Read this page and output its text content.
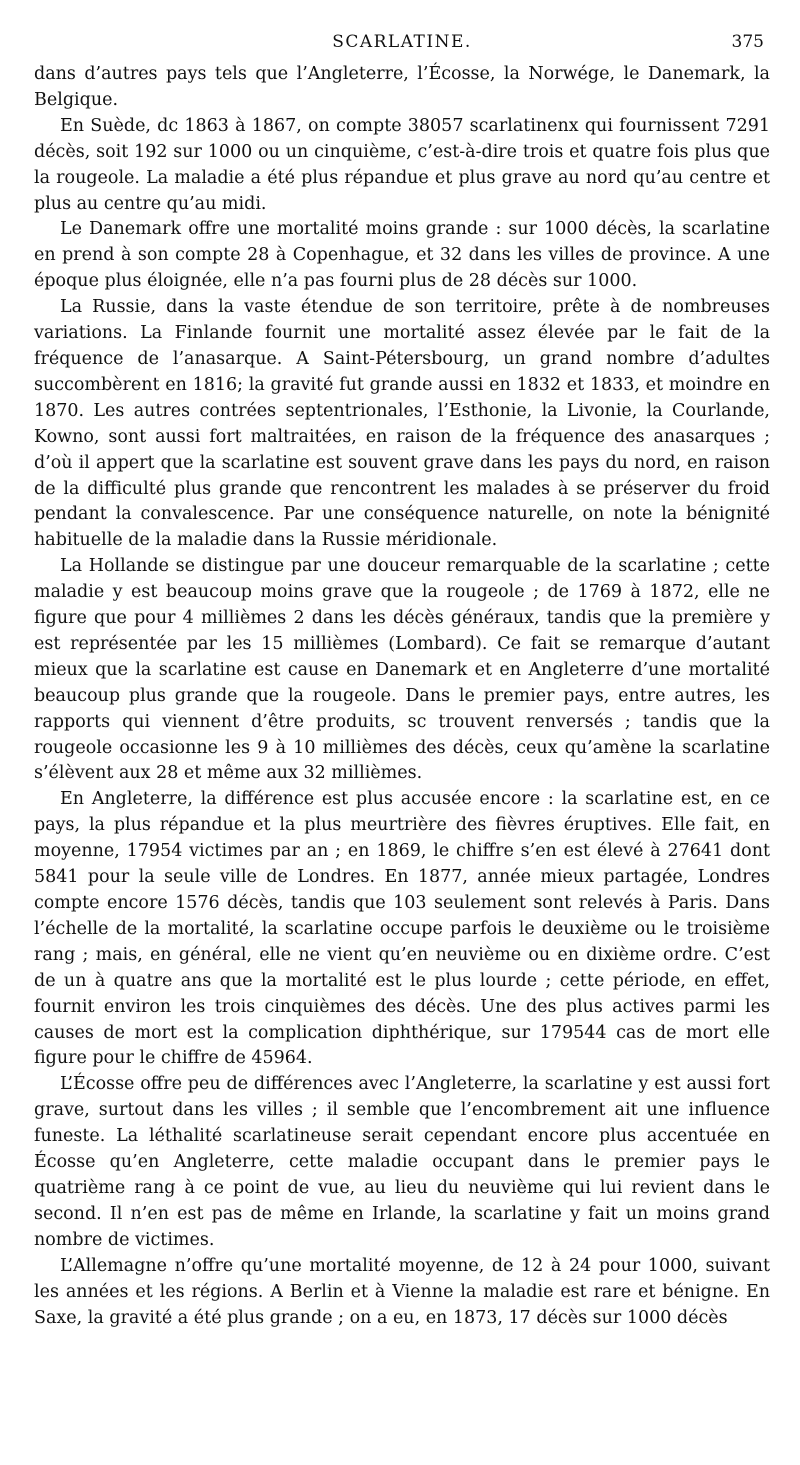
SCARLATINE.	375

dans d’autres pays tels que l’Angleterre, l’Écosse, la Norwége, le Danemark, la Belgique.

En Suède, dc 1863 à 1867, on compte 38057 scarlatinenx qui fournissent 7291 décès, soit 192 sur 1000 ou un cinquième, c’est-à-dire trois et quatre fois plus que la rougeole. La maladie a été plus répandue et plus grave au nord qu’au centre et plus au centre qu’au midi.

Le Danemark offre une mortalité moins grande : sur 1000 décès, la scarlatine en prend à son compte 28 à Copenhague, et 32 dans les villes de province. A une époque plus éloignée, elle n’a pas fourni plus de 28 décès sur 1000.

La Russie, dans la vaste étendue de son territoire, prête à de nombreuses variations. La Finlande fournit une mortalité assez élevée par le fait de la fréquence de l’anasarque. A Saint-Pétersbourg, un grand nombre d’adultes succombèrent en 1816; la gravité fut grande aussi en 1832 et 1833, et moindre en 1870. Les autres contrées septentrionales, l’Esthonie, la Livonie, la Courlande, Kowno, sont aussi fort maltraitées, en raison de la fréquence des anasarques ; d’où il appert que la scarlatine est souvent grave dans les pays du nord, en raison de la difficulté plus grande que rencontrent les malades à se préserver du froid pendant la convalescence. Par une conséquence naturelle, on note la bénignité habituelle de la maladie dans la Russie méridionale.

La Hollande se distingue par une douceur remarquable de la scarlatine ; cette maladie y est beaucoup moins grave que la rougeole ; de 1769 à 1872, elle ne figure que pour 4 millièmes 2 dans les décès généraux, tandis que la première y est représentée par les 15 millièmes (Lombard). Ce fait se remarque d’autant mieux que la scarlatine est cause en Danemark et en Angleterre d’une mortalité beaucoup plus grande que la rougeole. Dans le premier pays, entre autres, les rapports qui viennent d’être produits, sc trouvent renversés ; tandis que la rougeole occasionne les 9 à 10 millièmes des décès, ceux qu’amène la scarlatine s’élèvent aux 28 et même aux 32 millièmes.

En Angleterre, la différence est plus accusée encore : la scarlatine est, en ce pays, la plus répandue et la plus meurtrière des fièvres éruptives. Elle fait, en moyenne, 17954 victimes par an ; en 1869, le chiffre s’en est élevé à 27641 dont 5841 pour la seule ville de Londres. En 1877, année mieux partagée, Londres compte encore 1576 décès, tandis que 103 seulement sont relevés à Paris. Dans l’échelle de la mortalité, la scarlatine occupe parfois le deuxième ou le troisième rang ; mais, en général, elle ne vient qu’en neuvième ou en dixième ordre. C’est de un à quatre ans que la mortalité est le plus lourde ; cette période, en effet, fournit environ les trois cinquièmes des décès. Une des plus actives parmi les causes de mort est la complication diphthérique, sur 179544 cas de mort elle figure pour le chiffre de 45964.

L’Écosse offre peu de différences avec l’Angleterre, la scarlatine y est aussi fort grave, surtout dans les villes ; il semble que l’encombrement ait une influence funeste. La léthalité scarlatineuse serait cependant encore plus accentuée en Écosse qu’en Angleterre, cette maladie occupant dans le premier pays le quatrième rang à ce point de vue, au lieu du neuvième qui lui revient dans le second. Il n’en est pas de même en Irlande, la scarlatine y fait un moins grand nombre de victimes.

L’Allemagne n’offre qu’une mortalité moyenne, de 12 à 24 pour 1000, suivant les années et les régions. A Berlin et à Vienne la maladie est rare et bénigne. En Saxe, la gravité a été plus grande ; on a eu, en 1873, 17 décès sur 1000 décès
